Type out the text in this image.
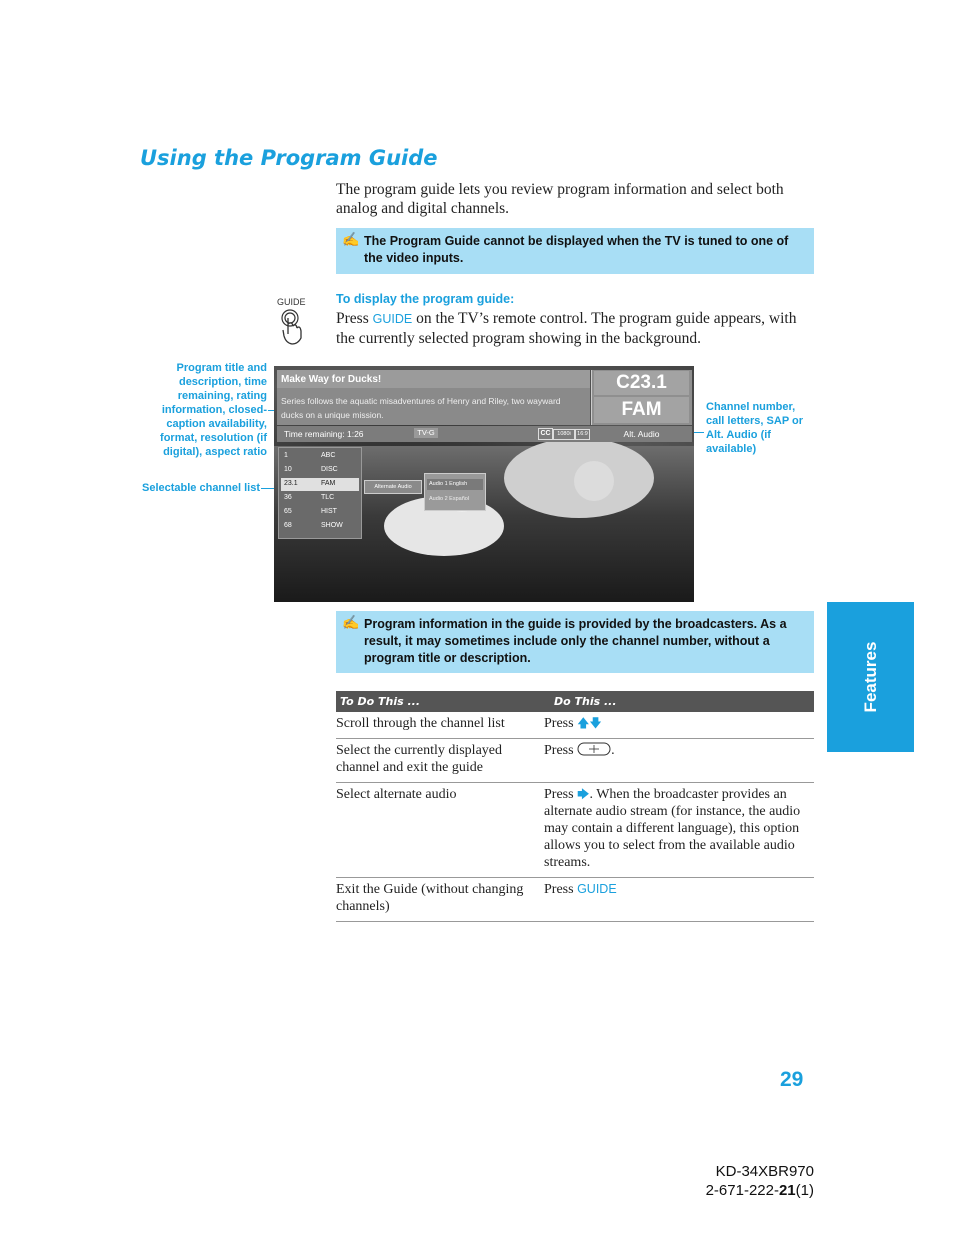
Using the Program Guide
The program guide lets you review program information and select both analog and digital channels.
✍ The Program Guide cannot be displayed when the TV is tuned to one of the video inputs.
GUIDE To display the program guide:
Press GUIDE on the TV’s remote control. The program guide appears, with the currently selected program showing in the background.
Program title and description, time remaining, rating information, closed-caption availability, format, resolution (if digital), aspect ratio
Selectable channel list
Channel number, call letters, SAP or Alt. Audio (if available)
Make Way for Ducks!
Series follows the aquatic misadventures of Henry and Riley, two wayward ducks on a unique mission.
Time remaining: 1:26	TV-G	CC	1080i	16:9
C23.1
FAM
Alt. Audio
1	ABC
10	DISC
23.1	FAM
36	TLC
65	HIST
68	SHOW
Alternate Audio	Audio 1 English
Audio 2 Español
✍ Program information in the guide is provided by the broadcasters. As a result, it may sometimes include only the channel number, without a program title or description.	Features
To Do This ...	Do This ...
Scroll through the channel list	Press 🡅🡇
Select the currently displayed channel and exit the guide	Press .
Select alternate audio	Press 🡆. When the broadcaster provides an alternate audio stream (for instance, the audio may contain a different language), this option allows you to select from the available audio streams.
Exit the Guide (without changing channels)	Press GUIDE
29
KD-34XBR970
2-671-222-21(1)
